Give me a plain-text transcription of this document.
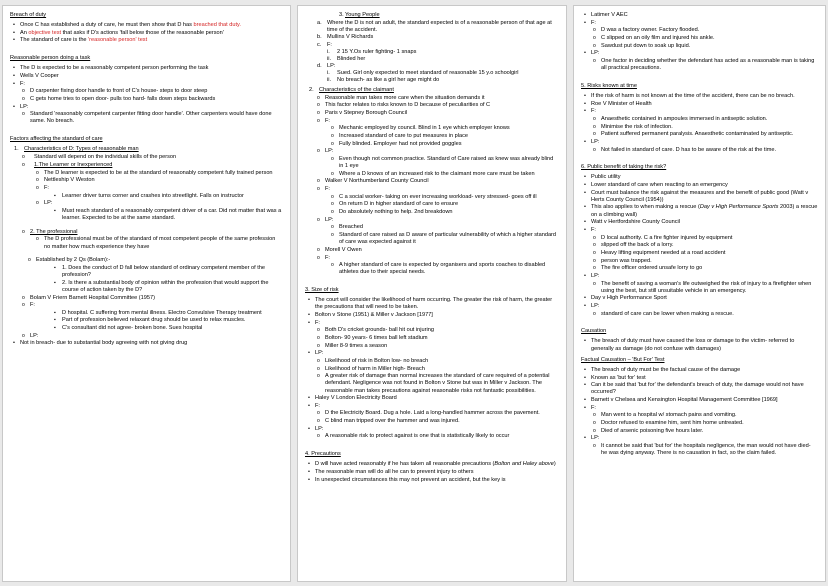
Breach of duty
• Once C has established a duty of care, he must then show that D has breached that duty.
• An objective test that asks if D's actions 'fall below those of the reasonable person'
• The standard of care is the 'reasonable person' test
Reasonable person doing a task
• The D is expected to be a reasonably competent person performing the task
• Wells V Cooper
• F:
o D carpenter fixing door handle to front of C's house- steps to door steep
o C gets home tries to open door- pulls too hard- falls down steps backwards
• LP:
o Standard 'reasonably competent carpenter fitting door handle'. Other carpenters would have done same. No breach.
Factors affecting the standard of care
1. Characteristics of D: Types of reasonable man
o Standard will depend on the individual skills of the person
o 1.The Learner or Inexperienced
o The D learner is expected to be at the standard of reasonably competent fully trained person
o Nettleship V Weston
o F:
▪ Learner driver turns corner and crashes into streetlight. Falls on instructor
o LP:
▪ Must reach standard of a reasonably competent driver of a car. Did not matter that was a learner. Expected to be at the same standard.
o 2. The professional
o The D professional must be of the standard of most competent people of the same profession no matter how much experience they have
o Established by 2 Qs (Bolam):-
▪ 1. Does the conduct of D fall below standard of ordinary competent member of the profession?
▪ 2. Is there a substantial body of opinion within the profession that would support the course of action taken by the D?
o Bolam V Friern Barnett Hospital Committee (1957)
o F:
▪ D hospital. C suffering from mental illness. Electro Convulsive Therapy treatment
▪ Part of profession believed relaxant drug should be used to relax muscles.
▪ C's consultant did not agree- broken bone. Sues hospital
o LP:
• Not in breach- due to substantial body agreeing with not giving drug
3. Young People
a. Where the D is not an adult, the standard expected is of a reasonable person of that age at time of the accident.
b. Mullins V Richards
c. F:
i. 2 15 Y.Os ruler fighting- 1 snaps
ii. Blinded her
d. LP:
i. Sued. Girl only expected to meet standard of reasonable 15 y.o schoolgirl
ii. No breach- as like a girl her age might do
2. Characteristics of the claimant
o Reasonable man takes more care when the situation demands it
o This factor relates to risks known to D because of peculiarities of C
o Paris v Stepney Borough Council
o F:
o Mechanic employed by council. Blind in 1 eye which employer knows
o Increased standard of care to put measures in place
o Fully blinded. Employer had not provided goggles
o LP:
o Even though not common practice. Standard of Care raised as knew was already blind in 1 eye
o Where a D knows of an increased risk to the claimant more care must be taken
o Walker V Northumberland County Council
o F:
o C a social worker- taking on ever increasing workload- very stressed- goes off ill
o On return D in higher standard of care to ensure
o Do absolutely nothing to help. 2nd breakdown
o LP:
o Breached
o Standard of care raised as D aware of particular vulnerability of which a higher standard of care was expected against it
o Morell V Owen
o F:
o A higher standard of care is expected by organisers and sports coaches to disabled athletes due to their special needs.
3. Size of risk
• The court will consider the likelihood of harm occurring. The greater the risk of harm, the greater the precautions that will need to be taken.
• Bolton v Stone (1951) & Miller v Jackson [1977]
• F:
o Both D's cricket grounds- ball hit out injuring
o Bolton- 90 years- 6 times ball left stadium
o Miller 8-9 times a season
• LP:
o Likelihood of risk in Bolton low- no breach
o Likelihood of harm in Miller high- Breach
o A greater risk of damage than normal increases the standard of care required of a potential defendant. Negligence was not found in Bolton v Stone but was in Miller v Jackson. The reasonable man takes precautions against reasonable risks not fantastic possibilities.
• Haley V London Electricity Board
• F:
o D the Electricity Board. Dug a hole. Laid a long-handled hammer across the pavement.
o C blind man tripped over the hammer and was injured.
• LP:
o A reasonable risk to protect against is one that is statistically likely to occur
4. Precautions
• D will have acted reasonably if he has taken all reasonable precautions (Bolton and Haley above)
• The reasonable man will do all he can to prevent injury to others
• In unexpected circumstances this may not prevent an accident, but the key is
• Latimer V AEC
• F:
o D was a factory owner. Factory flooded.
o C slipped on an oily film and injured his ankle.
o Sawdust put down to soak up liquid.
• LP:
o One factor in deciding whether the defendant has acted as a reasonable man is taking all practical precautions.
5. Risks known at time
• If the risk of harm is not known at the time of the accident, there can be no breach.
• Roe V Minister of Health
• F:
o Anaesthetic contained in ampoules immersed in antiseptic solution.
o Minimise the risk of infection.
o Patient suffered permanent paralysis. Anaesthetic contaminated by antiseptic.
• LP:
o Not failed in standard of care. D has to be aware of the risk at the time.
6. Public benefit of taking the risk?
• Public utility
• Lower standard of care when reacting to an emergency
• Court must balance the risk against the measures and the benefit of public good (Watt v Herts County Council (1954))
• This also applies to when making a rescue (Day v High Performance Sports 2003) a rescue on a climbing wall)
• Watt v Hertfordshire County Council
• F:
o D local authority. C a fire fighter injured by equipment
o slipped off the back of a lorry.
o Heavy lifting equipment needed at a road accident
o person was trapped.
o The fire officer ordered unsafe lorry to go
• LP:
o The benefit of saving a woman's life outweighed the risk of injury to a firefighter when using the best, but still unsuitable vehicle in an emergency.
• Day v High Performance Sport
• LP:
o standard of care can be lower when making a rescue.
Causation
• The breach of duty must have caused the loss or damage to the victim- referred to generally as damage (do not confuse with damages)
Factual Causation – 'But For' Test
• The breach of duty must be the factual cause of the damage
• Known as 'but for' test
• Can it be said that 'but for' the defendant's breach of duty, the damage would not have occurred?
• Barnett v Chelsea and Kensington Hospital Management Committee [1969]
• F:
o Man went to a hospital w/ stomach pains and vomiting.
o Doctor refused to examine him, sent him home untreated.
o Died of arsenic poisoning five hours later.
• LP:
o It cannot be said that 'but for' the hospitals negligence, the man would not have died- he was dying anyway. There is no causation in fact, so the claim failed.
